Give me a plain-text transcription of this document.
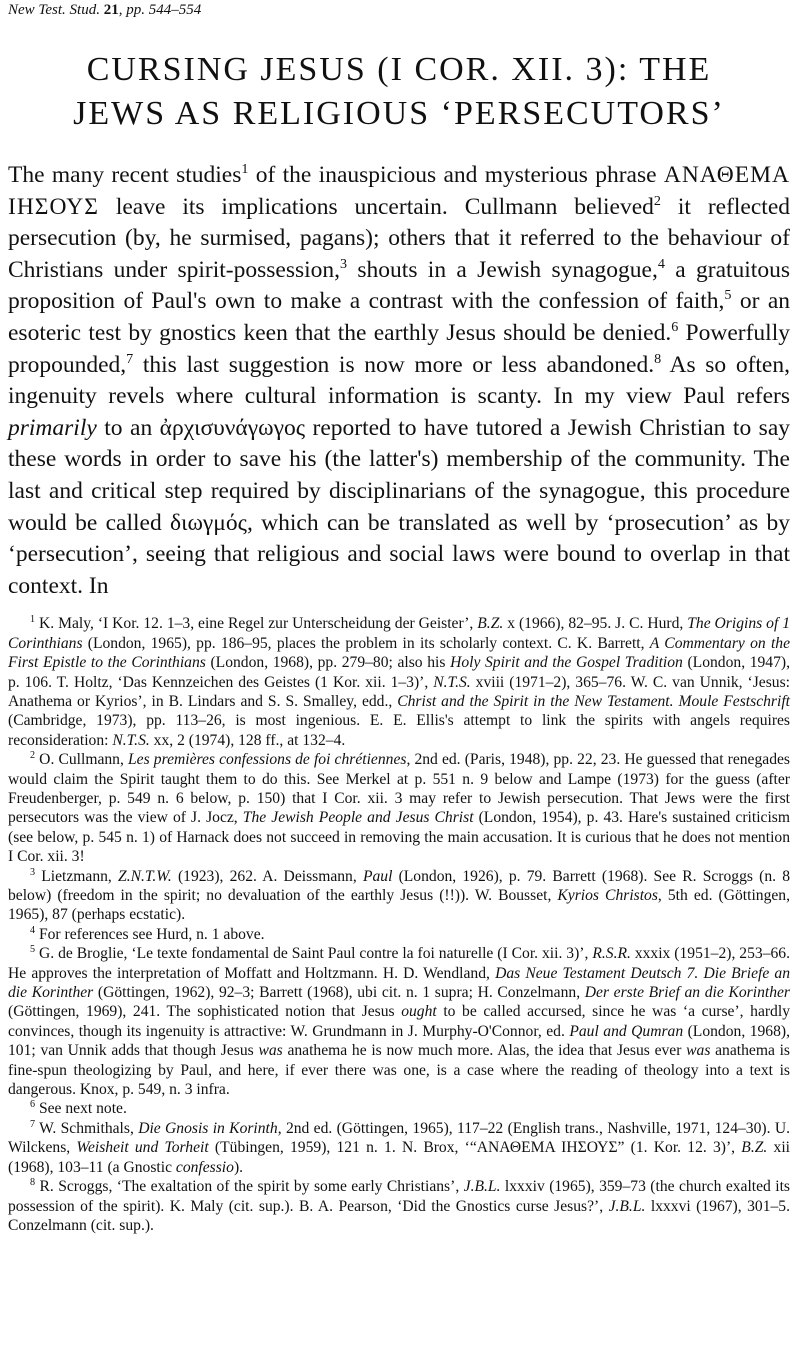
New Test. Stud. 21, pp. 544–554
CURSING JESUS (I COR. XII. 3): THE
JEWS AS RELIGIOUS ‘PERSECUTORS’

The many recent studies$^1$ of the inauspicious and mysterious phrase ΑΝΑΘΕΜΑ ΙΗΣΟΥΣ leave its implications uncertain. Cullmann believed$^2$ it reflected persecution (by, he surmised, pagans); others that it referred to the behaviour of Christians under spirit-possession,$^3$ shouts in a Jewish synagogue,$^4$ a gratuitous proposition of Paul's own to make a contrast with the confession of faith,$^5$ or an esoteric test by gnostics keen that the earthly Jesus should be denied.$^6$ Powerfully propounded,$^7$ this last suggestion is now more or less abandoned.$^8$ As so often, ingenuity revels where cultural information is scanty. In my view Paul refers primarily to an ἀρχισυνάγωγος reported to have tutored a Jewish Christian to say these words in order to save his (the latter's) membership of the community. The last and critical step required by disciplinarians of the synagogue, this procedure would be called διωγμός, which can be translated as well by ‘prosecution’ as by ‘persecution’, seeing that religious and social laws were bound to overlap in that context. In

$^1$ K. Maly, ‘I Kor. 12. 1–3, eine Regel zur Unterscheidung der Geister’, B.Z. x (1966), 82–95. J. C. Hurd, The Origins of 1 Corinthians (London, 1965), pp. 186–95, places the problem in its scholarly context. C. K. Barrett, A Commentary on the First Epistle to the Corinthians (London, 1968), pp. 279–80; also his Holy Spirit and the Gospel Tradition (London, 1947), p. 106. T. Holtz, ‘Das Kennzeichen des Geistes (1 Kor. xii. 1–3)’, N.T.S. xviii (1971–2), 365–76. W. C. van Unnik, ‘Jesus: Anathema or Kyrios’, in B. Lindars and S. S. Smalley, edd., Christ and the Spirit in the New Testament. Moule Festschrift (Cambridge, 1973), pp. 113–26, is most ingenious. E. E. Ellis's attempt to link the spirits with angels requires reconsideration: N.T.S. xx, 2 (1974), 128 ff., at 132–4.

$^2$ O. Cullmann, Les premières confessions de foi chrétiennes, 2nd ed. (Paris, 1948), pp. 22, 23. He guessed that renegades would claim the Spirit taught them to do this. See Merkel at p. 551 n. 9 below and Lampe (1973) for the guess (after Freudenberger, p. 549 n. 6 below, p. 150) that I Cor. xii. 3 may refer to Jewish persecution. That Jews were the first persecutors was the view of J. Jocz, The Jewish People and Jesus Christ (London, 1954), p. 43. Hare's sustained criticism (see below, p. 545 n. 1) of Harnack does not succeed in removing the main accusation. It is curious that he does not mention I Cor. xii. 3!

$^3$ Lietzmann, Z.N.T.W. (1923), 262. A. Deissmann, Paul (London, 1926), p. 79. Barrett (1968). See R. Scroggs (n. 8 below) (freedom in the spirit; no devaluation of the earthly Jesus (!!)). W. Bousset, Kyrios Christos, 5th ed. (Göttingen, 1965), 87 (perhaps ecstatic).

$^4$ For references see Hurd, n. 1 above.

$^5$ G. de Broglie, ‘Le texte fondamental de Saint Paul contre la foi naturelle (I Cor. xii. 3)’, R.S.R. xxxix (1951–2), 253–66. He approves the interpretation of Moffatt and Holtzmann. H. D. Wendland, Das Neue Testament Deutsch 7. Die Briefe an die Korinther (Göttingen, 1962), 92–3; Barrett (1968), ubi cit. n. 1 supra; H. Conzelmann, Der erste Brief an die Korinther (Göttingen, 1969), 241. The sophisticated notion that Jesus ought to be called accursed, since he was ‘a curse’, hardly convinces, though its ingenuity is attractive: W. Grundmann in J. Murphy-O'Connor, ed. Paul and Qumran (London, 1968), 101; van Unnik adds that though Jesus was anathema he is now much more. Alas, the idea that Jesus ever was anathema is fine-spun theologizing by Paul, and here, if ever there was one, is a case where the reading of theology into a text is dangerous. Knox, p. 549, n. 3 infra.

$^6$ See next note.

$^7$ W. Schmithals, Die Gnosis in Korinth, 2nd ed. (Göttingen, 1965), 117–22 (English trans., Nashville, 1971, 124–30). U. Wilckens, Weisheit und Torheit (Tübingen, 1959), 121 n. 1. N. Brox, ‘“ΑΝΑΘΕΜΑ ΙΗΣΟΥΣ” (1. Kor. 12. 3)’, B.Z. xii (1968), 103–11 (a Gnostic confessio).

$^8$ R. Scroggs, ‘The exaltation of the spirit by some early Christians’, J.B.L. lxxxiv (1965), 359–73 (the church exalted its possession of the spirit). K. Maly (cit. sup.). B. A. Pearson, ‘Did the Gnostics curse Jesus?’, J.B.L. lxxxvi (1967), 301–5. Conzelmann (cit. sup.).
